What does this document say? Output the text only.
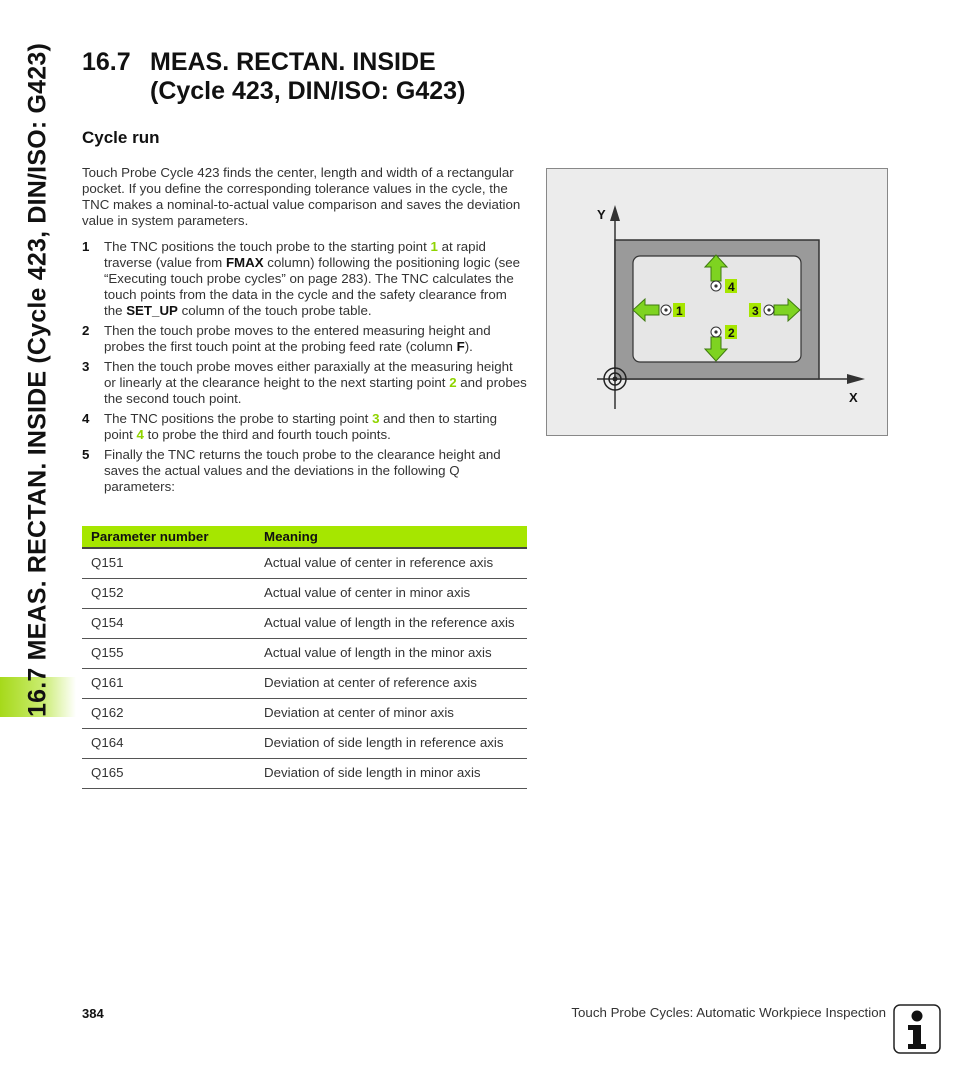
16.7 MEAS. RECTAN. INSIDE (Cycle 423, DIN/ISO: G423) 16.7 MEAS. RECTAN. INSIDE
(Cycle 423, DIN/ISO: G423)
Cycle run
Touch Probe Cycle 423 finds the center, length and width of a rectangular pocket. If you define the corresponding tolerance values in the cycle, the TNC makes a nominal-to-actual value comparison and saves the deviation value in system parameters.
1	The TNC positions the touch probe to the starting point 1 at rapid traverse (value from FMAX column) following the positioning logic (see “Executing touch probe cycles” on page 283). The TNC calculates the touch points from the data in the cycle and the safety clearance from the SET_UP column of the touch probe table.
2	Then the touch probe moves to the entered measuring height and probes the first touch point at the probing feed rate (column F).
3	Then the touch probe moves either paraxially at the measuring height or linearly at the clearance height to the next starting point 2 and probes the second touch point.
4	The TNC positions the probe to starting point 3 and then to starting point 4 to probe the third and fourth touch points.
5	Finally the TNC returns the touch probe to the clearance height and saves the actual values and the deviations in the following Q parameters:
Parameter number	Meaning
Q151	Actual value of center in reference axis
Q152	Actual value of center in minor axis
Q154	Actual value of length in the reference axis
Q155	Actual value of length in the minor axis
Q161	Deviation at center of reference axis
Q162	Deviation at center of minor axis
Q164	Deviation of side length in reference axis
Q165	Deviation of side length in minor axis
Y
X
4
2
1	3
384	Touch Probe Cycles: Automatic Workpiece Inspection
